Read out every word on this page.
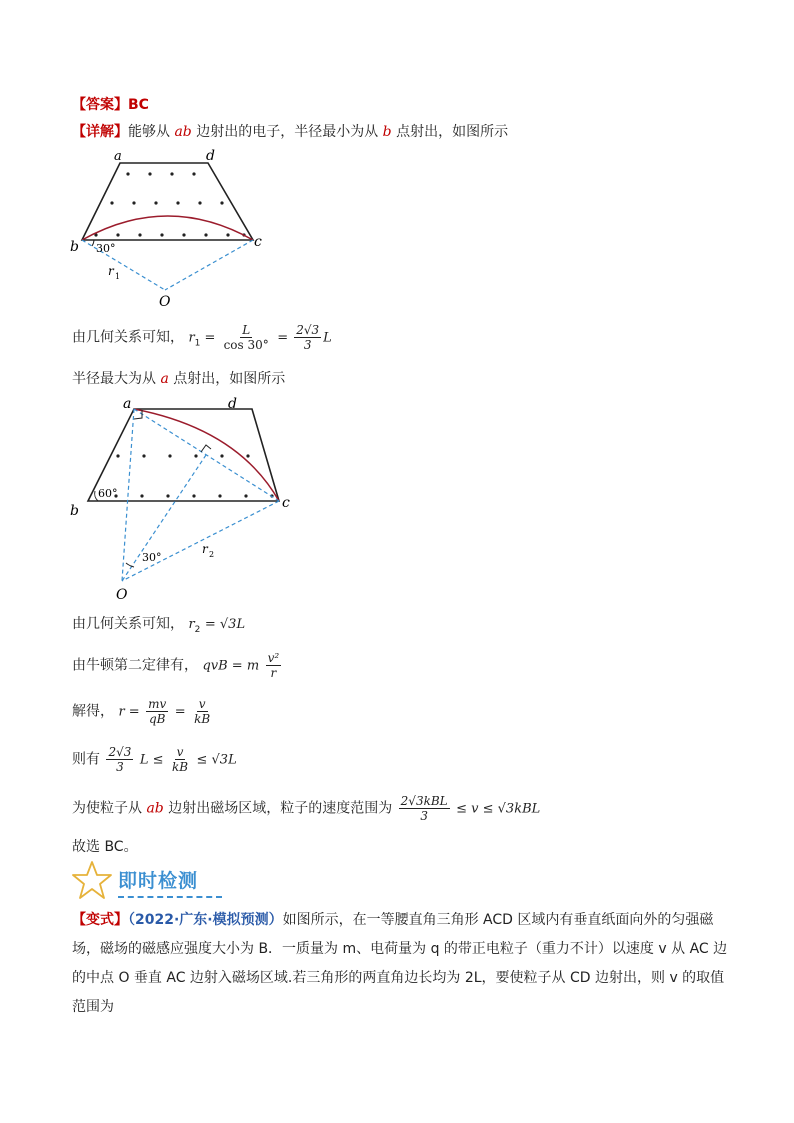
【答案】BC
【详解】能够从 ab 边射出的电子，半径最小为从 b 点射出，如图所示
a	d
b	c
30°
r 1
O
由几何关系可知， $r_1 = \frac{L}{\cos 30^\circ} = \frac{2√3}{3}$ L
半径最大为从 a 点射出，如图所示
a	d
b	c
60°
30°
r 2
O
由几何关系可知， $r_2 = √3L$
由牛顿第二定律有， qvB = m $\frac{\text{v²}}{r}$
解得， $r = \frac{mv}{qB} = \frac{v}{kB}$
则有 $\frac{2√3}{3}$ $L \le \frac{v}{kB} \le √3L$
为使粒子从 ab 边射出磁场区域，粒子的速度范围为 $\frac{\text{2√3kBL}}{3} \le v \le √3kBL$
故选 BC。
即时检测
【变式】（2022·广东·模拟预测）如图所示，在一等腰直角三角形 ACD 区域内有垂直纸面向外的匀强磁场，磁场的磁感应强度大小为 B．一质量为 m、电荷量为 q 的带正电粒子（重力不计）以速度 v 从 AC 边的中点 O 垂直 AC 边射入磁场区域.若三角形的两直角边长均为 2L，要使粒子从 CD 边射出，则 v 的取值范围为
